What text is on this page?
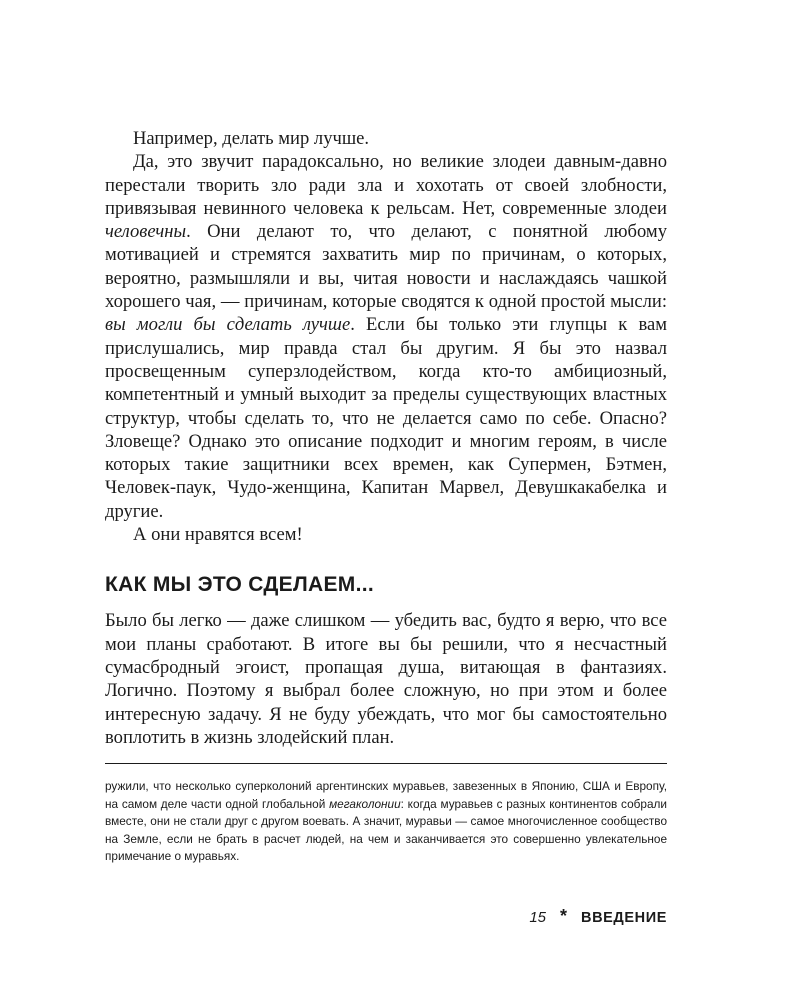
Например, делать мир лучше.

Да, это звучит парадоксально, но великие злодеи давным-давно перестали творить зло ради зла и хохотать от своей злобности, привязывая невинного человека к рельсам. Нет, современные злодеи человечны. Они делают то, что делают, с понятной любому мотивацией и стремятся захватить мир по причинам, о которых, вероятно, размышляли и вы, читая новости и наслаждаясь чашкой хорошего чая, — причинам, которые сводятся к одной простой мысли: вы могли бы сделать лучше. Если бы только эти глупцы к вам прислушались, мир правда стал бы другим. Я бы это назвал просвещенным суперзлодейством, когда кто-то амбициозный, компетентный и умный выходит за пределы существующих властных структур, чтобы сделать то, что не делается само по себе. Опасно? Зловеще? Однако это описание подходит и многим героям, в числе которых такие защитники всех времен, как Супермен, Бэтмен, Человек-паук, Чудо-женщина, Капитан Марвел, Девушкакабелка и другие.

А они нравятся всем!

КАК МЫ ЭТО СДЕЛАЕМ...

Было бы легко — даже слишком — убедить вас, будто я верю, что все мои планы сработают. В итоге вы бы решили, что я несчастный сумасбродный эгоист, пропащая душа, витающая в фантазиях. Логично. Поэтому я выбрал более сложную, но при этом и более интересную задачу. Я не буду убеждать, что мог бы самостоятельно воплотить в жизнь злодейский план.

ружили, что несколько суперколоний аргентинских муравьев, завезенных в Японию, США и Европу, на самом деле части одной глобальной мегаколонии: когда муравьев с разных континентов собрали вместе, они не стали друг с другом воевать. А значит, муравьи — самое многочисленное сообщество на Земле, если не брать в расчет людей, на чем и заканчивается это совершенно увлекательное примечание о муравьях.

15 * ВВЕДЕНИЕ
